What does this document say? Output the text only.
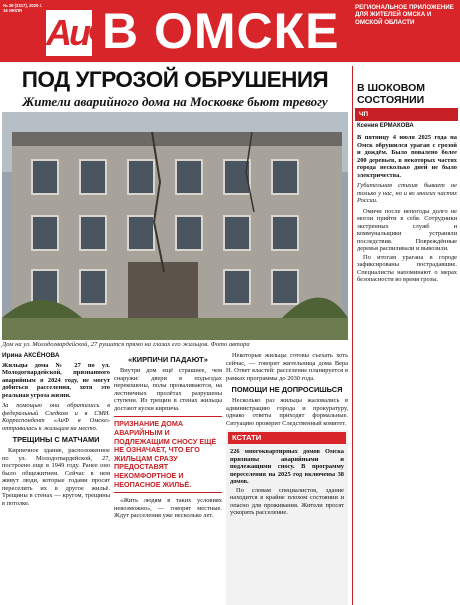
№ 29 (2317), 2025 г.
16 ИЮЛЯ
АиФ
В ОМСКЕ	РЕГИОНАЛЬНОЕ ПРИЛОЖЕНИЕ ДЛЯ ЖИТЕЛЕЙ ОМСКА И ОМСКОЙ ОБЛАСТИ
ПОД УГРОЗОЙ ОБРУШЕНИЯ
Жители аварийного дома на Московке бьют тревогу
Дом на ул. Молодогвардейской, 27 рушится прямо на глазах его жильцов. Фото автора
Ирина АКСЁНОВА

Жильцы дома № 27 по ул. Молодогвардейской, признанного аварийным в 2024 году, не могут добиться расселения, хотя это реальная угроза жизни.

За помощью они обратились в федеральный Следком и в СМИ. Корреспондент «АиФ в Омске» отправилась к жильцам на место.

ТРЕЩИНЫ С МАТЧАМИ

Кирпичное здание, расположенное по ул. Молодогвардейской, 27, построено еще в 1949 году. Ранее оно было общежитием. Сейчас в нем живут люди, которые годами просят переселить их в другое жильё. Трещины в стенах — кругом, трещины в потолке.

«КИРПИЧИ ПАДАЮТ»

Внутри дом ещё страшнее, чем снаружи: двери в подъездах перекошены, полы проваливаются, на лестничных пролётах разрушены ступени. Из трещин в стенах жильцы достают куски кирпича.

ПРИЗНАНИЕ ДОМА АВАРИЙНЫМ И ПОДЛЕЖАЩИМ СНОСУ ЕЩЁ НЕ ОЗНАЧАЕТ, ЧТО ЕГО ЖИЛЬЦАМ СРАЗУ ПРЕДОСТАВЯТ НЕКОМФОРТНОЕ И НЕОПАСНОЕ ЖИЛЬЁ.

«Жить людям в таких условиях невозможно», — говорят местные. Ждут расселения уже несколько лет.

Некоторые жильцы готовы съехать хоть сейчас, — говорит жительница дома Вера Н. Ответ властей: расселение планируется в рамках программы до 2030 года.

ПОМОЩИ НЕ ДОПРОСИШЬСЯ

Несколько раз жильцы жаловались в администрацию города и прокуратуру, однако ответы приходят формальные. Ситуацию проверит Следственный комитет.

КСТАТИ

226 многоквартирных домов Омска признаны аварийными и подлежащими сносу. В программу переселения на 2025 год включены 38 домов.

По словам специалистов, здание находится в крайне плохом состоянии и опасно для проживания. Жители просят ускорить расселение.

В ШОКОВОМ СОСТОЯНИИ
ЧП
Ксения ЕРМАКОВА

В пятницу 4 июля 2025 года на Омск обрушился ураган с грозой и дождём. Было повалено более 200 деревьев, в некоторых частях города несколько дней не было электричества.

Губительная стихия бывает не только у нас, но и во многих частях России.

Омичи после непогоды долго не могли прийти в себя. Сотрудники экстренных служб и коммунальщики устраняли последствия. Повреждённые деревья распиливали и вывозили.

По итогам урагана в городе зафиксированы пострадавшие. Специалисты напоминают о мерах безопасности во время грозы.
